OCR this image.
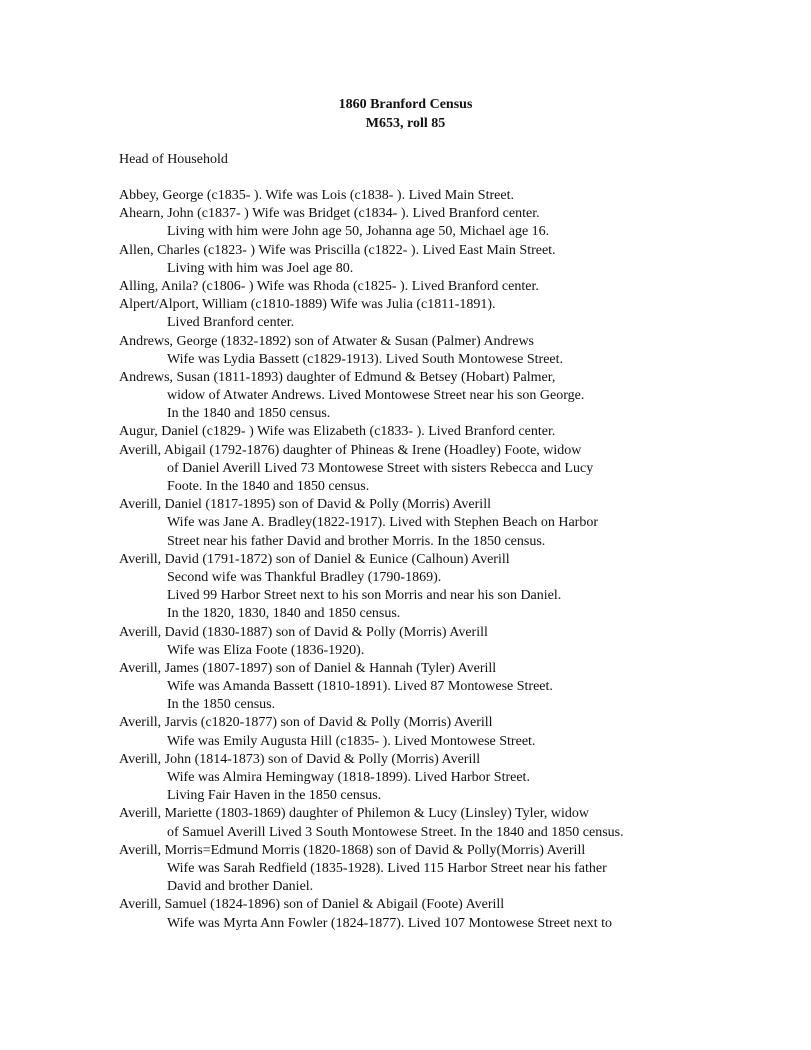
1860 Branford Census
M653, roll 85
Head of Household
Abbey, George (c1835- ). Wife was Lois (c1838- ). Lived Main Street.
Ahearn, John (c1837- ) Wife was Bridget (c1834- ). Lived Branford center.
Living with him were John age 50, Johanna age 50, Michael age 16.
Allen, Charles (c1823- ) Wife was Priscilla (c1822- ). Lived East Main Street.
Living with him was Joel age 80.
Alling, Anila? (c1806- ) Wife was Rhoda (c1825- ). Lived Branford center.
Alpert/Alport, William (c1810-1889) Wife was Julia (c1811-1891).
Lived Branford center.
Andrews, George (1832-1892) son of Atwater & Susan (Palmer) Andrews
Wife was Lydia Bassett (c1829-1913). Lived South Montowese Street.
Andrews, Susan (1811-1893) daughter of Edmund & Betsey (Hobart) Palmer,
widow of Atwater Andrews. Lived Montowese Street near his son George.
In the 1840 and 1850 census.
Augur, Daniel (c1829- ) Wife was Elizabeth (c1833- ). Lived Branford center.
Averill, Abigail (1792-1876) daughter of Phineas & Irene (Hoadley) Foote, widow
of Daniel Averill Lived 73 Montowese Street with sisters Rebecca and Lucy
Foote. In the 1840 and 1850 census.
Averill, Daniel (1817-1895) son of David & Polly (Morris) Averill
Wife was Jane A. Bradley(1822-1917). Lived with Stephen Beach on Harbor
Street near his father David and brother Morris. In the 1850 census.
Averill, David (1791-1872) son of Daniel & Eunice (Calhoun) Averill
Second wife was Thankful Bradley (1790-1869).
Lived 99 Harbor Street next to his son Morris and near his son Daniel.
In the 1820, 1830, 1840 and 1850 census.
Averill, David (1830-1887) son of David & Polly (Morris) Averill
Wife was Eliza Foote (1836-1920).
Averill, James (1807-1897) son of Daniel & Hannah (Tyler) Averill
Wife was Amanda Bassett (1810-1891). Lived 87 Montowese Street.
In the 1850 census.
Averill, Jarvis (c1820-1877) son of David & Polly (Morris) Averill
Wife was Emily Augusta Hill (c1835- ). Lived Montowese Street.
Averill, John (1814-1873) son of David & Polly (Morris) Averill
Wife was Almira Hemingway (1818-1899). Lived Harbor Street.
Living Fair Haven in the 1850 census.
Averill, Mariette (1803-1869) daughter of Philemon & Lucy (Linsley) Tyler, widow
of Samuel Averill Lived 3 South Montowese Street. In the 1840 and 1850 census.
Averill, Morris=Edmund Morris (1820-1868) son of David & Polly(Morris) Averill
Wife was Sarah Redfield (1835-1928). Lived 115 Harbor Street near his father
David and brother Daniel.
Averill, Samuel (1824-1896) son of Daniel & Abigail (Foote) Averill
Wife was Myrta Ann Fowler (1824-1877). Lived 107 Montowese Street next to
